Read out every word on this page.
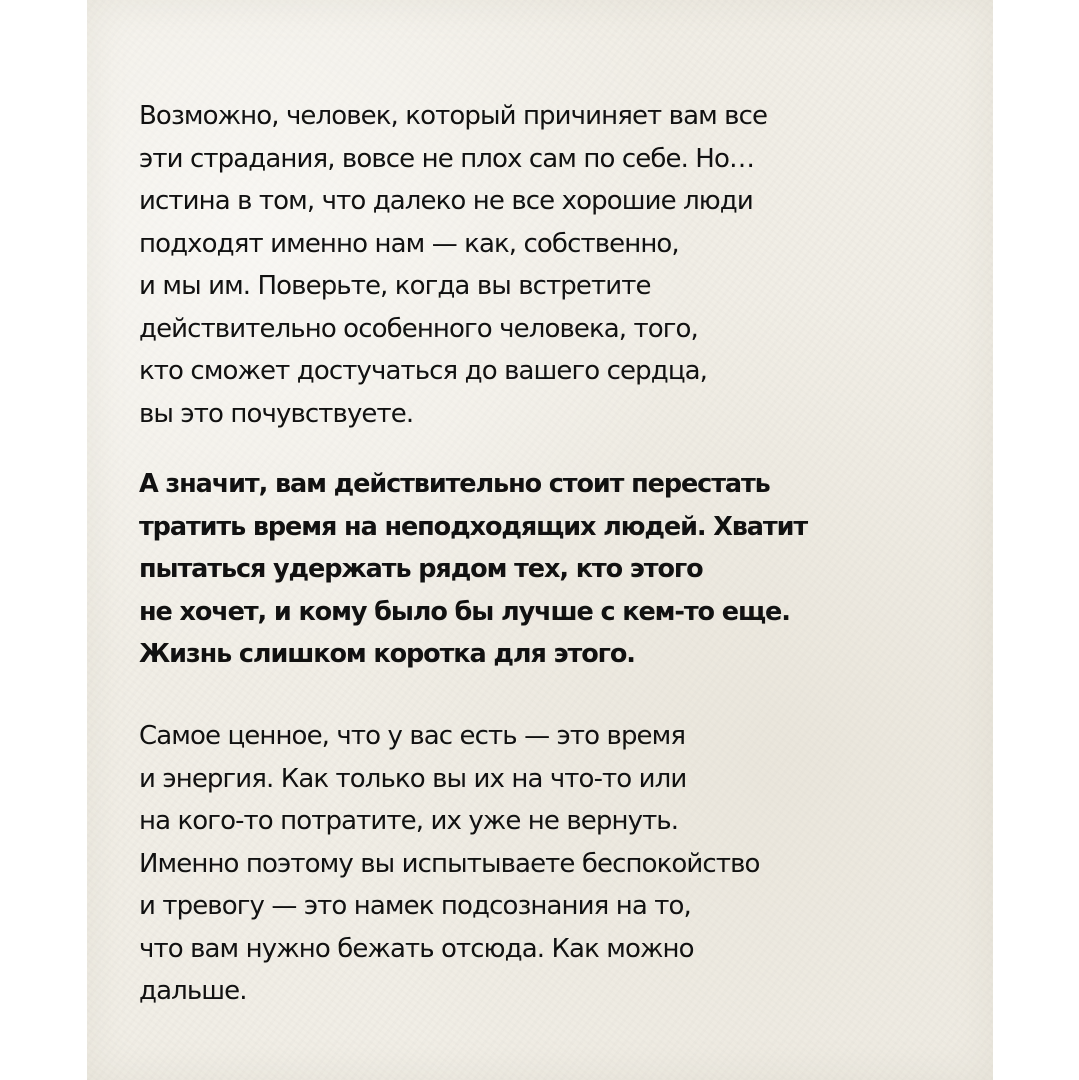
Возможно, человек, который причиняет вам все
эти страдания, вовсе не плох сам по себе. Но…
истина в том, что далеко не все хорошие люди
подходят именно нам — как, собственно,
и мы им. Поверьте, когда вы встретите
действительно особенного человека, того,
кто сможет достучаться до вашего сердца,
вы это почувствуете.

А значит, вам действительно стоит перестать
тратить время на неподходящих людей. Хватит
пытаться удержать рядом тех, кто этого
не хочет, и кому было бы лучше с кем-то еще.
Жизнь слишком коротка для этого.

Самое ценное, что у вас есть — это время
и энергия. Как только вы их на что-то или
на кого-то потратите, их уже не вернуть.
Именно поэтому вы испытываете беспокойство
и тревогу — это намек подсознания на то,
что вам нужно бежать отсюда. Как можно
дальше.
